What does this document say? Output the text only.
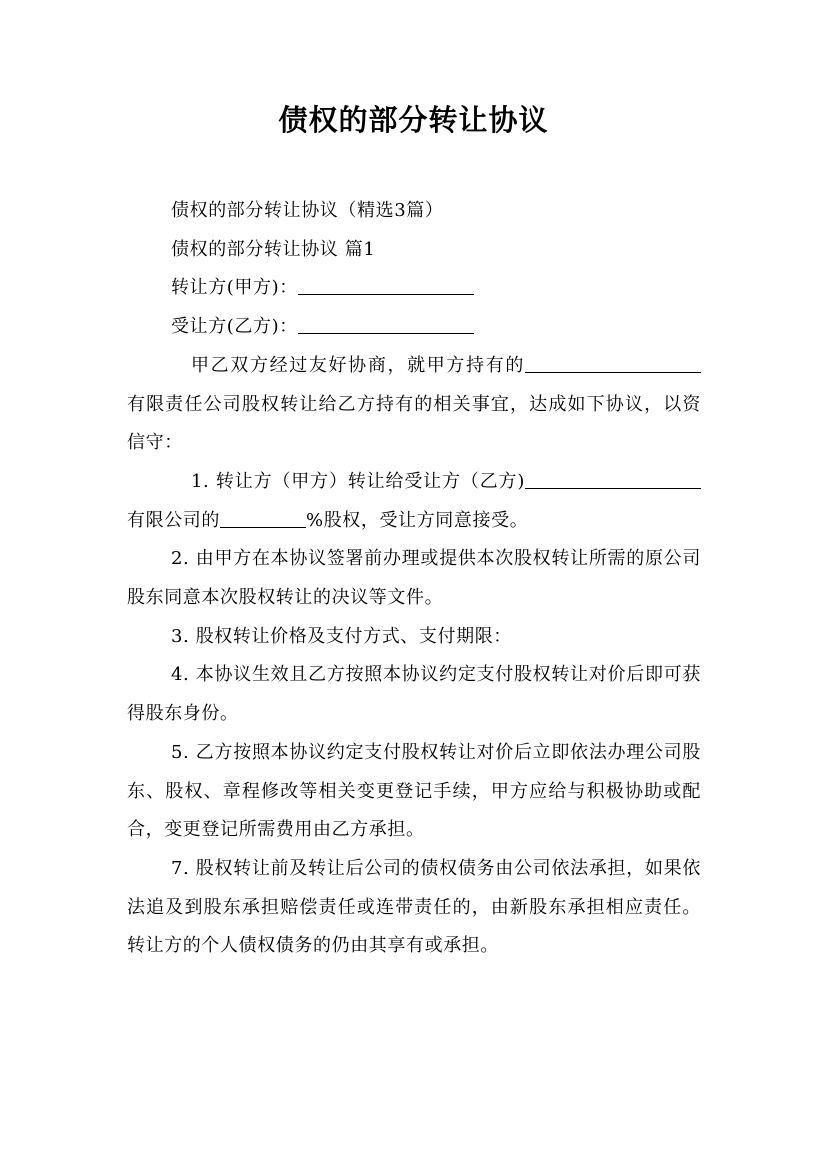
债权的部分转让协议
债权的部分转让协议（精选3篇）
债权的部分转让协议 篇1
转让方(甲方)：
受让方(乙方)：

甲乙双方经过友好协商，就甲方持有的有限责任公司股权转让给乙方持有的相关事宜，达成如下协议，以资信守：

1. 转让方（甲方）转让给受让方（乙方)有限公司的	%股权，受让方同意接受。

2. 由甲方在本协议签署前办理或提供本次股权转让所需的原公司股东同意本次股权转让的决议等文件。

3. 股权转让价格及支付方式、支付期限：

4. 本协议生效且乙方按照本协议约定支付股权转让对价后即可获得股东身份。

5. 乙方按照本协议约定支付股权转让对价后立即依法办理公司股东、股权、章程修改等相关变更登记手续，甲方应给与积极协助或配合，变更登记所需费用由乙方承担。

7. 股权转让前及转让后公司的债权债务由公司依法承担，如果依法追及到股东承担赔偿责任或连带责任的，由新股东承担相应责任。转让方的个人债权债务的仍由其享有或承担。
